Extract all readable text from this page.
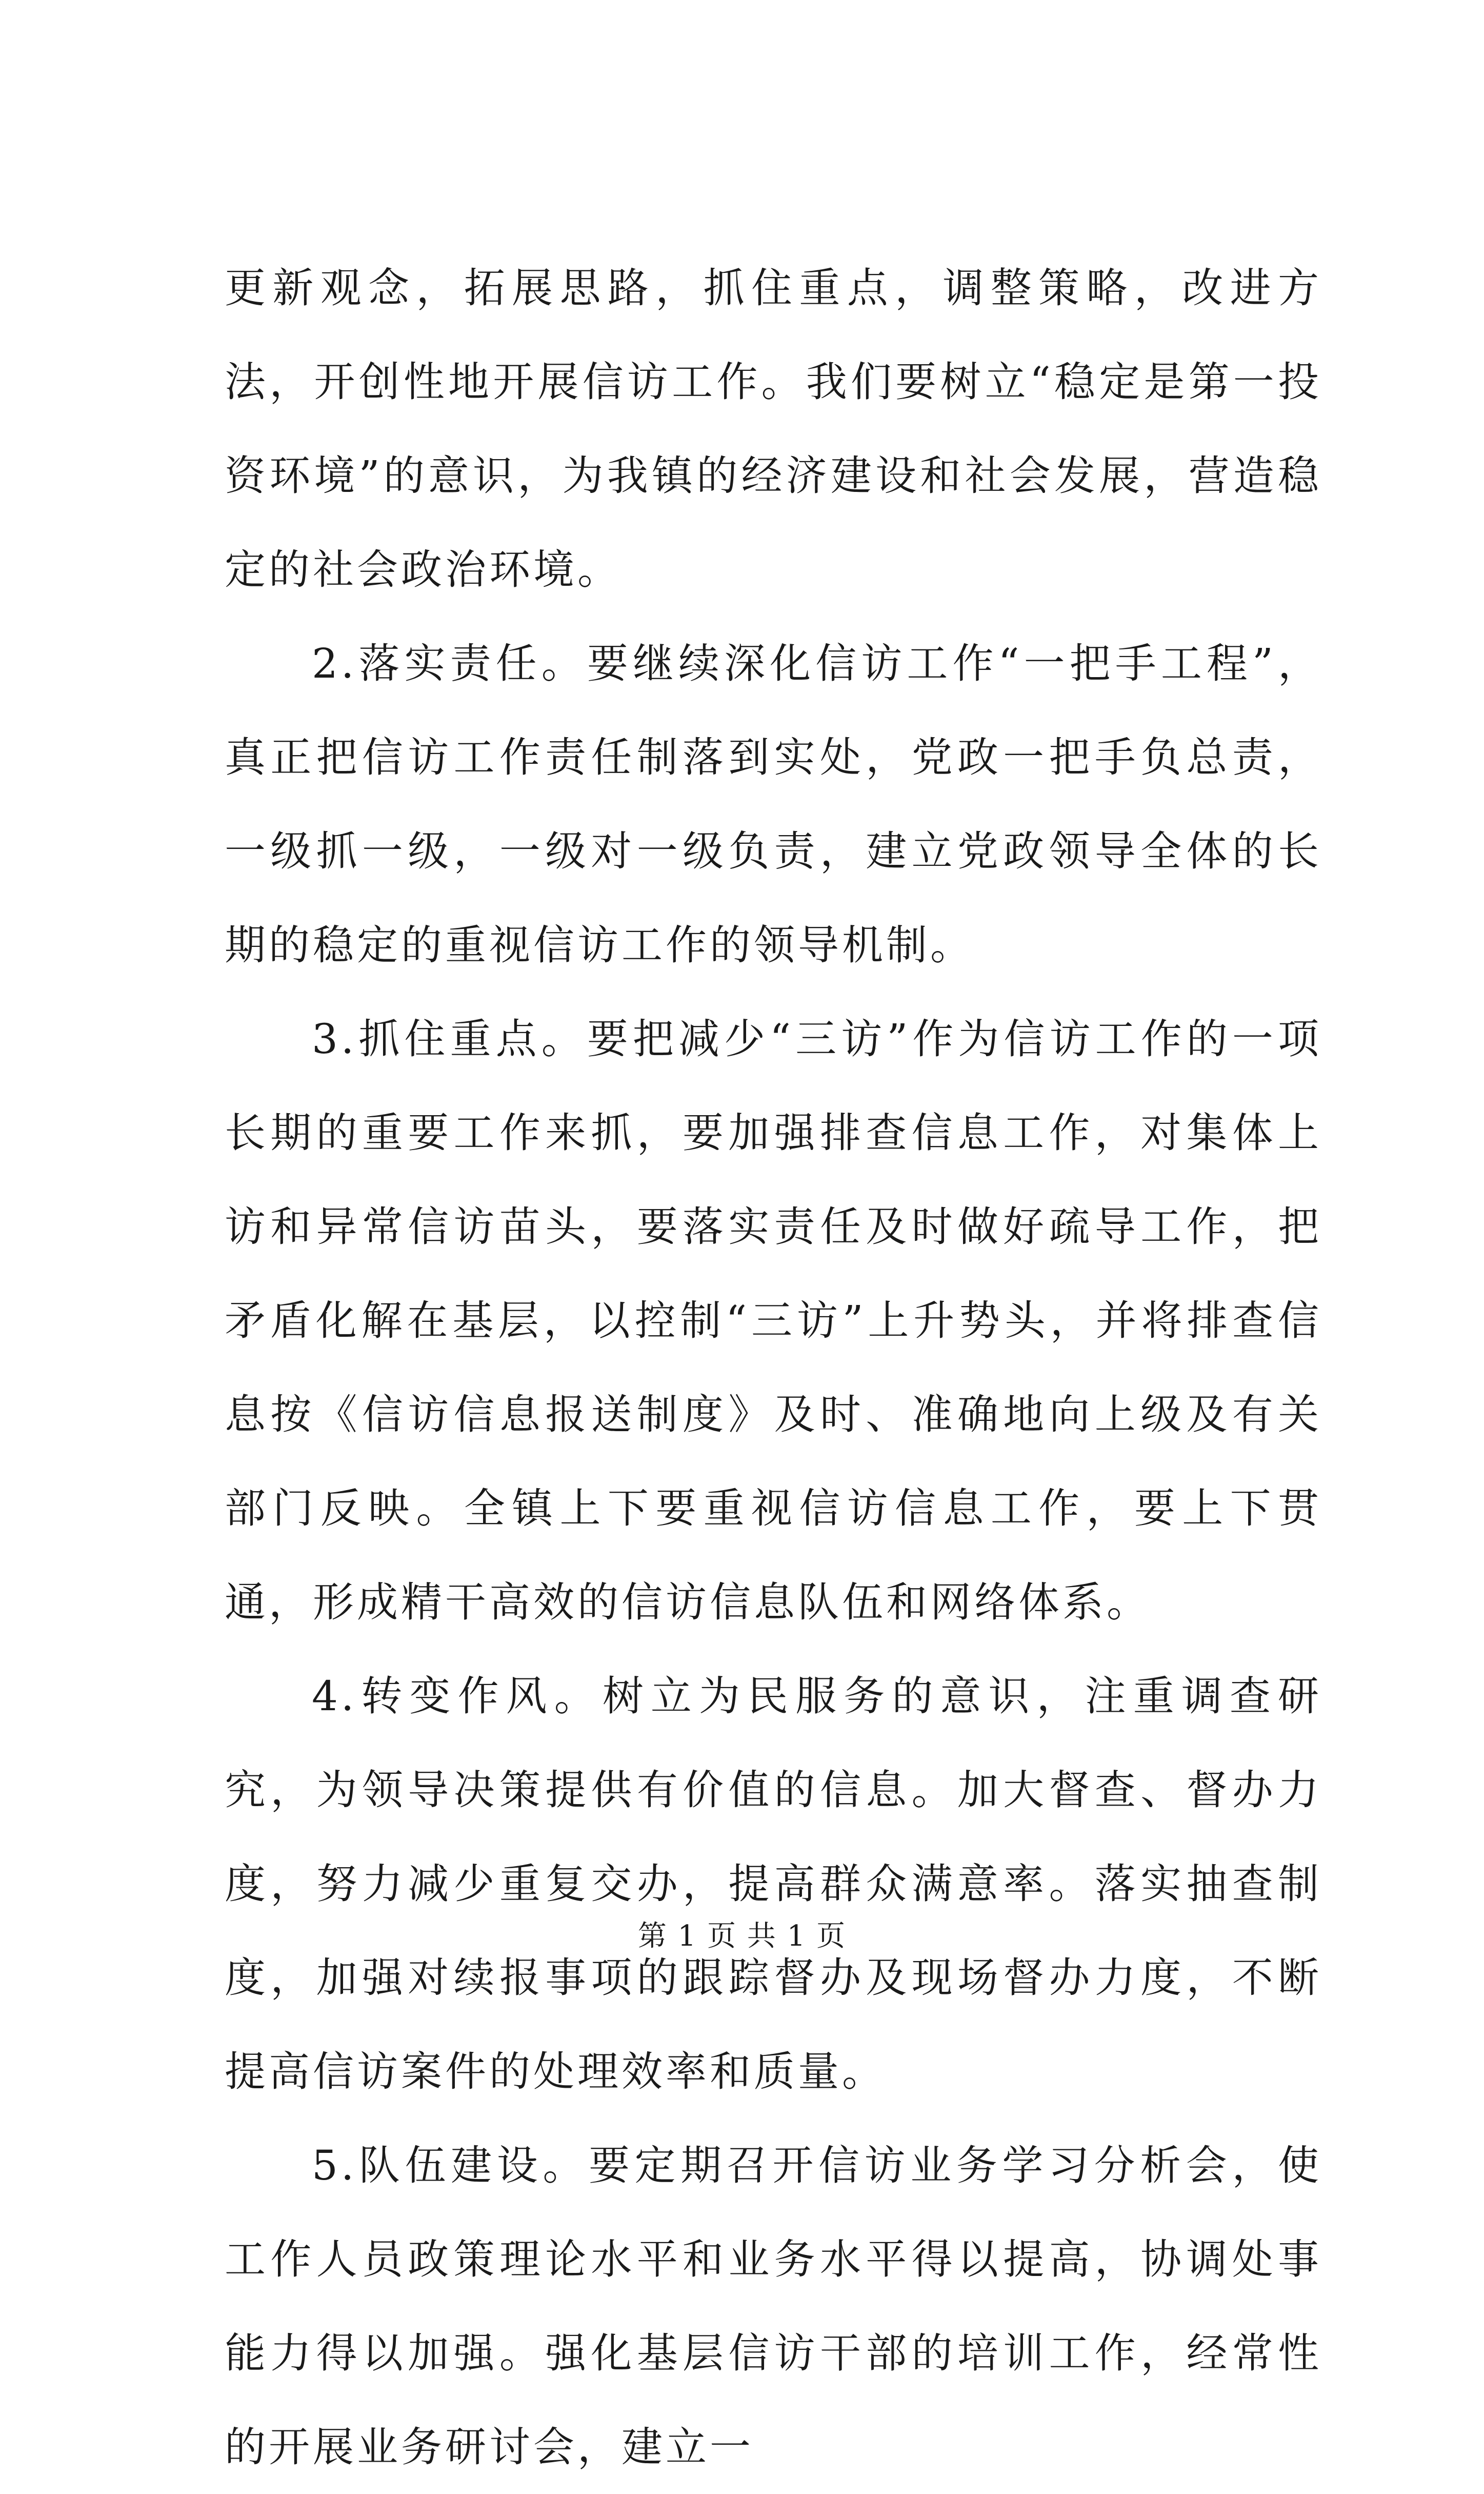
更新观念，拓展思路，抓住重点，调整策略，改进方法，开创性地开展信访工作。我们要树立“稳定是第一投资环境”的意识，为我镇的经济建设和社会发展，营造稳定的社会政治环境。

2.落实责任。要继续深化信访工作“一把手工程”，真正把信访工作责任制落到实处，党政一把手负总责，一级抓一级，一级对一级负责，建立党政领导全体的长期的稳定的重视信访工作的领导机制。

3.抓住重点。要把减少“三访”作为信访工作的一项长期的重要工作来抓，要加强排查信息工作，对集体上访和异常信访苗头，要落实责任及时做好疏导工作，把矛盾化解在基层，以控制“三访”上升势头，并将排查信息按《信访信息报送制度》及时、准确地向上级及有关部门反映。全镇上下要重视信访信息工作，要上下贯通，形成精干高效的信访信息队伍和网络体系。

4.转变作风。树立为民服务的意识，注重调查研究，为领导决策提供有价值的信息。加大督查、督办力度，努力减少重复交办，提高群众满意率。落实抽查制度，加强对续报事项的跟踪督办及现场督办力度，不断提高信访案件的处理效率和质量。

5.队伍建设。要定期召开信访业务学习分析会，使工作人员政策理论水平和业务水平得以提高，协调处事能力得以加强。强化基层信访干部的培训工作，经常性的开展业务研讨会，建立一

第 1 页 共 1 页
